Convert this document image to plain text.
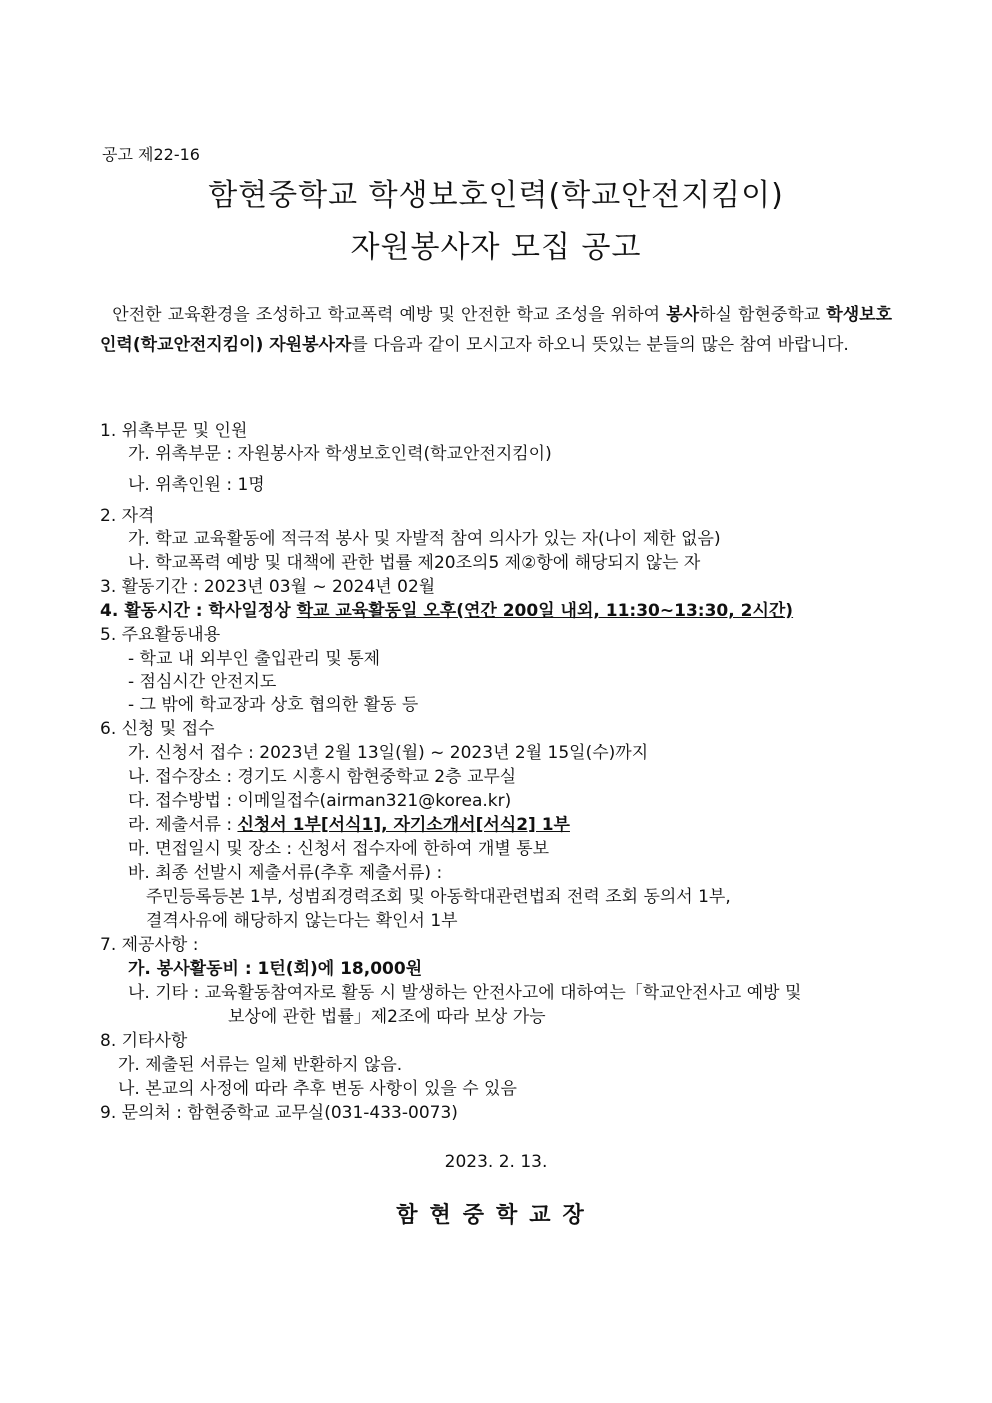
공고 제22-16
함현중학교 학생보호인력(학교안전지킴이)
자원봉사자 모집 공고
안전한 교육환경을 조성하고 학교폭력 예방 및 안전한 학교 조성을 위하여 봉사하실 함현중학교 학생보호인력(학교안전지킴이) 자원봉사자를 다음과 같이 모시고자 하오니 뜻있는 분들의 많은 참여 바랍니다.
1. 위촉부문 및 인원
가. 위촉부문 : 자원봉사자 학생보호인력(학교안전지킴이)
나. 위촉인원 : 1명
2. 자격
가. 학교 교육활동에 적극적 봉사 및 자발적 참여 의사가 있는 자(나이 제한 없음)
나. 학교폭력 예방 및 대책에 관한 법률 제20조의5 제②항에 해당되지 않는 자
3. 활동기간 : 2023년 03월 ~ 2024년 02월
4. 활동시간 : 학사일정상 학교 교육활동일 오후(연간 200일 내외, 11:30~13:30, 2시간)
5. 주요활동내용
- 학교 내 외부인 출입관리 및 통제
- 점심시간 안전지도
- 그 밖에 학교장과 상호 협의한 활동 등
6. 신청 및 접수
가. 신청서 접수 : 2023년 2월 13일(월) ~ 2023년 2월 15일(수)까지
나. 접수장소 : 경기도 시흥시 함현중학교 2층 교무실
다. 접수방법 : 이메일접수(airman321@korea.kr)
라. 제출서류 : 신청서 1부[서식1], 자기소개서[서식2] 1부
마. 면접일시 및 장소 : 신청서 접수자에 한하여 개별 통보
바. 최종 선발시 제출서류(추후 제출서류) :
주민등록등본 1부, 성범죄경력조회 및 아동학대관련법죄 전력 조회 동의서 1부,
결격사유에 해당하지 않는다는 확인서 1부
7. 제공사항 :
가. 봉사활동비 : 1턴(회)에 18,000원
나. 기타 : 교육활동참여자로 활동 시 발생하는 안전사고에 대하여는「학교안전사고 예방 및
보상에 관한 법률」제2조에 따라 보상 가능
8. 기타사항
가. 제출된 서류는 일체 반환하지 않음.
나. 본교의 사정에 따라 추후 변동 사항이 있을 수 있음
9. 문의처 : 함현중학교 교무실(031-433-0073)
2023. 2. 13.
함현중학교장
